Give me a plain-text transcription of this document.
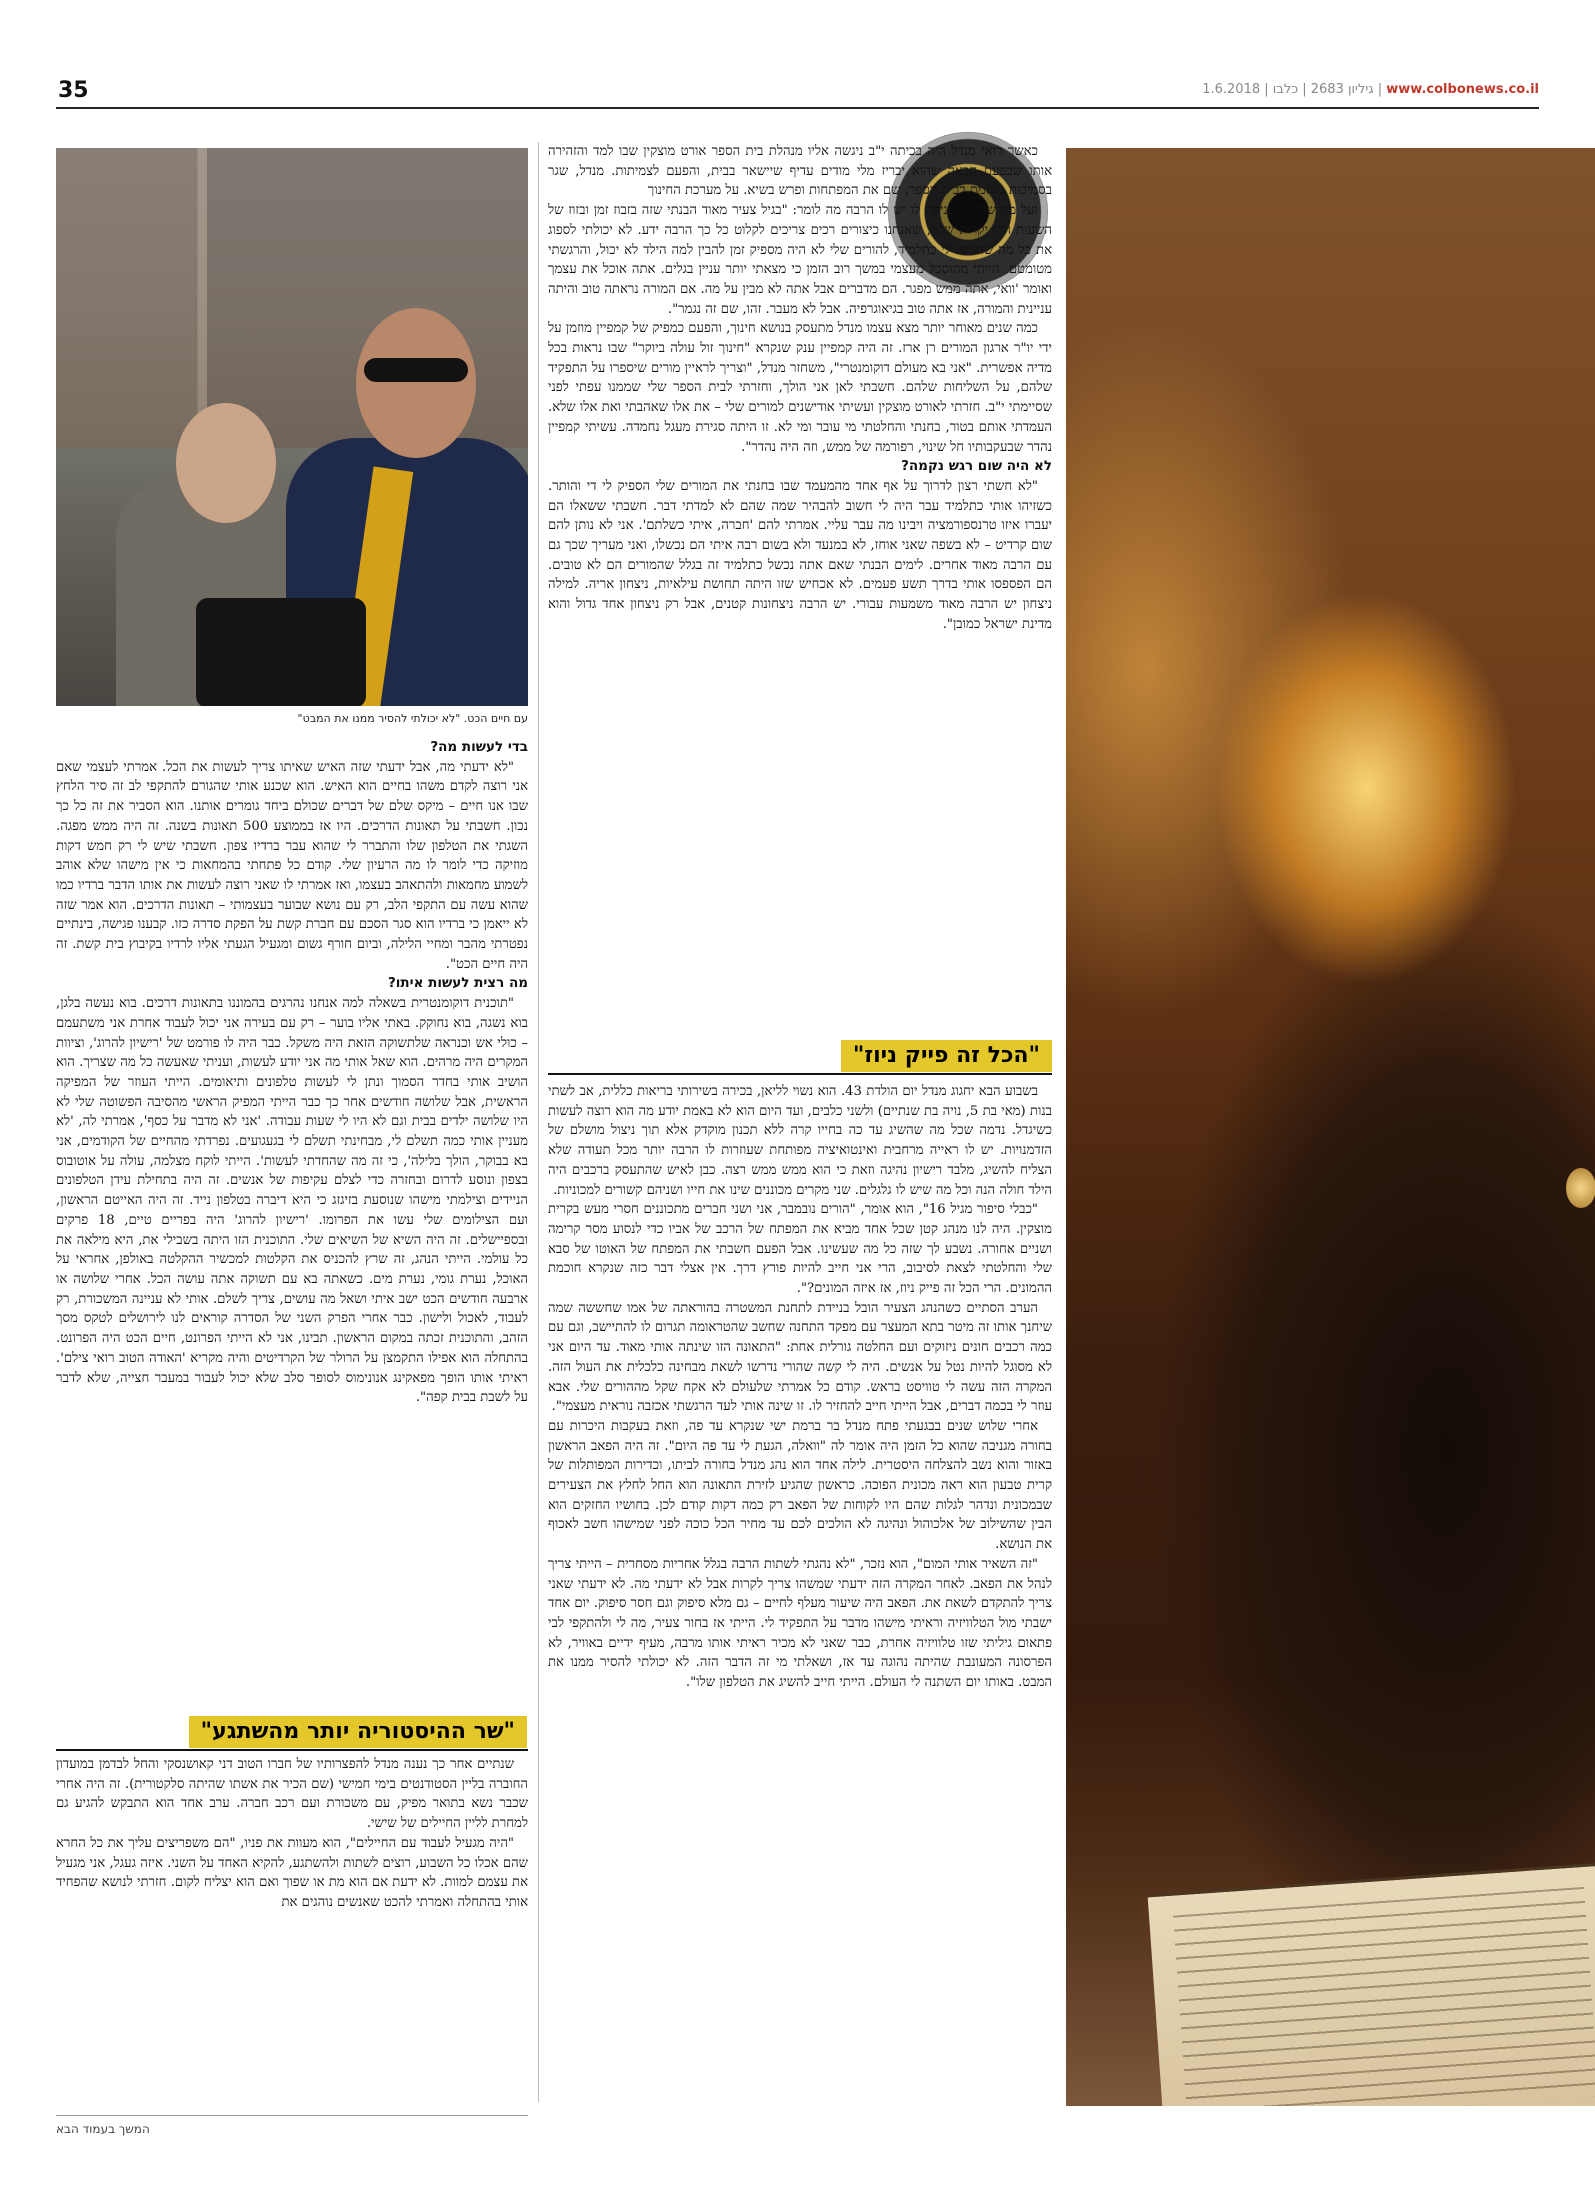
35	1.6.2018 |	גיליון 2683 | כלבו	| www.colbonews.co.il
עם חיים הכט. "לא יכולתי להסיר ממנו את המבט"

כאשר רואי מנדל היה בכיתה י"ב ניגשה אליו מנהלת בית הספר אורט מוצקין שבו למד והזהירה אותו שבפעם הבאה שהוא יבריז מלי מודים עדיף שיישאר בבית, והפעם לצמיתות. מנדל, שגר בסמיכות מוגזמת לבית הספר, שם את המפתחות ופרש בשיא. על מערכת החינוך

ועל מה שהיא העניקה לו יש לו הרבה מה לומר: "בגיל צעיר מאוד הבנתי שזה בזבוז זמן ובזוז של השעות הכי יקרות שלנו, שאנחנו כיצורים רכים צריכים לקלוט כל כך הרבה ידע. לא יכולתי לספוג את כל מה שהגישו לי כתלמיד, להורים שלי לא היה מספיק זמן להבין למה הילד לא יכול, והרגשתי מטומטם. הייתי מתוסכל מעצמי במשך רוב הזמן כי מצאתי יותר עניין בגלים. אתה אוכל את עצמך ואומר 'וואי, אתה ממש מפגר. הם מדברים אבל אתה לא מבין על מה. אם המורה נראתה טוב והיתה עניינית והמורה, אז אתה טוב בגיאוגרפיה. אבל לא מעבר. זהו, שם זה נגמר".

כמה שנים מאוחר יותר מצא עצמו מנדל מתעסק בנושא חינוך, והפעם כמפיק של קמפיין מוזמן על ידי יו"ר ארגון המורים רן ארז. זה היה קמפיין ענק שנקרא "חינוך זול עולה ביוקר" שבו נראות בכל מדיה אפשרית. "אני בא מעולם דוקומנטרי", משחזר מנדל, "וצריך לראיין מורים שיספרו על התפקיד שלהם, על השליחות שלהם. חשבתי לאן אני הולך, וחזרתי לבית הספר שלי שממנו עפתי לפני שסיימתי י"ב. חזרתי לאורט מוצקין ועשיתי אודישנים למורים שלי – את אלו שאהבתי ואת אלו שלא. העמדתי אותם בטור, בחנתי והחלטתי מי עובר ומי לא. זו היתה סגירת מעגל נחמדה. עשיתי קמפיין נהדר שבעקבותיו חל שינוי, רפורמה של ממש, וזה היה נהדר".

לא היה שום רגש נקמה?

"לא חשתי רצון לדרוך על אף אחד מהמעמד שבו בחנתי את המורים שלי הספיק לי די והותר. כשזיהו אותי כתלמיד עבר היה לי חשוב להבהיר שמה שהם לא למדתי דבר. חשבתי ששאלו הם יעברו איזו טרנספורמציה ויבינו מה עבר עליי. אמרתי להם 'חברה, איתי כשלתם'. אני לא נותן להם שום קרדיט – לא בשפה שאני אוחז, לא במנעד ולא בשום רבה איתי הם נכשלו, ואני מעריך שכך גם עם הרבה מאוד אחרים. לימים הבנתי שאם אתה נכשל כתלמיד זה בגלל שהמורים הם לא טובים. הם הפספסו אותי בדרך תשע פעמים. לא אכחיש שזו היתה תחושת עילאיות, ניצחון אריה. למילה ניצחון יש הרבה מאוד משמעות עבורי. יש הרבה ניצחונות קטנים, אבל רק ניצחון אחד גדול והוא מדינת ישראל כמובן".

"הכל זה פייק ניוז"

בשבוע הבא יחגוג מנדל יום הולדת 43. הוא נשוי לליאן, בכירה בשירותי בריאות כללית, אב לשתי בנות (מאי בת 5, נויה בת שנתיים) ולשני כלבים, ועד היום הוא לא באמת יודע מה הוא רוצה לעשות כשיגדל. נדמה שכל מה שהשיג עד כה בחייו קרה ללא תכנון מוקדק אלא תוך ניצול מושלם של הזדמנויות. יש לו ראייה מרחבית ואינטואיציה מפותחת שעוזרות לו הרבה יותר מכל תעודה שלא הצליח להשיג, מלבד רישיון נהיגה וזאת כי הוא ממש ממש רצה. כבן לאיש שהתעסק ברכבים היה הילד חולה הנה וכל מה שיש לו גלגלים. שני מקרים מכוננים שינו את חייו ושניהם קשורים למכוניות.

"כבלי סיפור מגיל 16", הוא אומר, "הורים נובמבר, אני ושני חברים מתכוננים חסרי מעש בקרית מוצקין. היה לנו מנהג קטן שכל אחד מביא את המפתח של הרכב של אביו כדי לנסוע מסר קרימה ושניים אחורה. נשבע לך שזה כל מה שעשינו. אבל הפעם חשבתי את המפתח של האוטו של סבא שלי והחלטתי לצאת לסיבוב, הרי אני חייב להיות פורץ דרך. אין אצלי דבר כזה שנקרא חוכמת ההמונים. הרי הכל זה פייק ניוז, אז איזה המונים?".

הערב הסתיים כשהנהג הצעיר הובל בניידת לתחנת המשטרה בהוראתה של אמו שחששה שמה שיחנך אותו זה מיטר בתא המעצר עם מפקד התחנה שחשב שהטראומה תגרום לו להתיישב, וגם עם כמה רכבים חונים ניזוקים ועם החלטה גורלית אחת: "התאונה הזו שינתה אותי מאוד. עד היום אני לא מסוגל להיות נטל על אנשים. היה לי קשה שהורי נדרשו לשאת מבחינה כלכלית את העול הזה. המקרה הזה עשה לי טוויסט בראש. קודם כל אמרתי שלעולם לא אקח שקל מההורים שלי. אבא עוזר לי בכמה דברים, אבל הייתי חייב להחזיר לו. זו שינה אותי לעד הרגשתי אכזבה נוראית מעצמי".

אחרי שלוש שנים בבגעתי פתח מנדל בר ברמת ישי שנקרא עד פה, וזאת בעקבות היכרות עם בחורה מגניבה שהוא כל הזמן היה אומר לה "וואלה, הגעת לי עד פה היום". זה היה הפאב הראשון באזור והוא נשב להצלחה היסטרית. לילה אחד הוא נהג מנדל בחורה לביתו, וכדירות המפותלות של קרית טבעון הוא ראה מכונית הפוכה. כראשון שהגיע לזירת התאונה הוא החל לחלץ את הצעירים שבמכונית ונדהר לגלות שהם היו לקוחות של הפאב רק כמה דקות קודם לכן. בחושיו החזקים הוא הבין שהשילוב של אלכוהול ונהיגה לא הולכים לכם עד מחיר הכל כוכה לפני שמישהו חשב לאכוף את הנושא.

"זה השאיר אותי המום", הוא נזכר, "לא נהגתי לשתות הרבה בגלל אחריות מסחרית – הייתי צריך לנהל את הפאב. לאחר המקרה הזה ידעתי שמשהו צריך לקרות אבל לא ידעתי מה. לא ידעתי שאני צריך להתקדם לשאת את. הפאב היה שיעור מעלף לחיים – גם מלא סיפוק וגם חסר סיפוק. יום אחד ישבתי מול הטלוויזיה וראיתי מישהו מדבר על התפקיד לי. הייתי אז בחור צעיר, מה לי ולהתקפי לבי פתאום גיליתי שזו טלוויזיה אחרת, כבר שאני לא מכיר ראיתי אותו מרבה, מעיף ידיים באוויר, לא הפרסונה המעונבת שהיתה נהוגה עד אז, ושאלתי מי זה הדבר הזה. לא יכולתי להסיר ממנו את המבט. באותו יום השתנה לי העולם. הייתי חייב להשיג את הטלפון שלו".

בדי לעשות מה?

"לא ידעתי מה, אבל ידעתי שזה האיש שאיתו צריך לעשות את הכל. אמרתי לעצמי שאם אני רוצה לקדם משהו בחיים הוא האיש. הוא שכנע אותי שהגורם להתקפי לב זה סיר הלחץ שבו אנו חיים – מיקס שלם של דברים שכולם ביחד גומרים אותנו. הוא הסביר את זה כל כך נכון. חשבתי על תאונות הדרכים. היו אז בממוצע 500 תאונות בשנה. זה היה ממש מפגה. השגתי את הטלפון שלו והתברר לי שהוא עבר ברדיו צפון. חשבתי שיש לי רק חמש דקות מוזיקה כדי לומר לו מה הרעיון שלי. קודם כל פתחתי בהמחאות כי אין מישהו שלא אוהב לשמוע מחמאות ולהתאהב בעצמו, ואז אמרתי לו שאני רוצה לעשות את אותו הדבר ברדיו כמו שהוא עשה עם התקפי הלב, רק עם נושא שבוער בעצמותי – תאונות הדרכים. הוא אמר שזה לא ייאמן כי ברדיו הוא סגר הסכם עם חברת קשת על הפקת סדרה כזו. קבענו פגישה, בינתיים נפטרתי מהבר ומחיי הלילה, וביום חורף גשום ומגעיל הגעתי אליו לרדיו בקיבוץ בית קשת. זה היה חיים הכט".

מה רצית לעשות איתו?

"תוכנית דוקומנטרית בשאלה למה אנחנו נהרגים בהמוננו בתאונות דרכים. בוא נעשה בלגן, בוא נשגה, בוא נחוקק. באתי אליו בוער – רק עם בעירה אני יכול לעבוד אחרת אני משתעמם – כולי אש וכנראה שלתשוקה הזאת היה משקל. כבר היה לו פורמט של 'רישיון להרוג', וציוות המקרים היה מרהים. הוא שאל אותי מה אני יודע לעשות, ועניתי שאעשה כל מה שצריך. הוא הושיב אותי בחדר הסמוך ונתן לי לעשות טלפונים ותיאומים. הייתי העוזר של המפיקה הראשית, אבל שלושה חודשים אחר כך כבר הייתי המפיק הראשי מהסיבה הפשוטה שלי לא היו שלושה ילדים בבית וגם לא היו לי שעות עבודה. 'אני לא מדבר על כסף', אמרתי לה, 'לא מעניין אותי כמה תשלם לי, מבחינתי תשלם לי בגעגועים. נפרדתי מהחיים של הקודמים, אני בא בבוקר, הולך בלילה', כי זה מה שהחדתי לעשות'. הייתי לוקח מצלמה, עולה על אוטובוס בצפון ונוסע לדרום ובחזרה כדי לצלם עקיפות של אנשים. זה היה בתחילת עידן הטלפונים הניידים וצילמתי מישהו שנוסעת בזיגזג כי היא דיברה בטלפון נייד. זה היה האייטם הראשון, ועם הצילומים שלי עשו את הפרומו. 'רישיון להרוג' היה בפריים טיים, 18 פרקים ובספיישלים. זה היה השיא של השיאים שלי. התוכנית הזו היתה בשבילי את, היא מילאה את כל עולמי. הייתי הנהג, זה שרץ להכניס את הקלטות למכשיר ההקלטה באולפן, אחראי על האוכל, נערת גומי, נערת מים. כשאתה בא עם תשוקה אתה עושה הכל. אחרי שלושה או ארבעה חודשים הכט ישב איתי ושאל מה עושים, צריך לשלם. אותי לא עניינה המשכורת, רק לעבוד, לאכול ולישון. כבר אחרי הפרק השני של הסדרה קוראים לנו לירושלים לטקס מסך הזהב, והתוכנית זכתה במקום הראשון. תבינו, אני לא הייתי הפרונט, חיים הכט היה הפרונט. בהתחלה הוא אפילו התקמצן על הרולר של הקרדיטים והיה מקריא 'האודה הטוב רואי צילם'. ראיתי אותו הופך מפאקינג אנונימוס לסופר סלב שלא יכול לעבור במעבר חצייה, שלא לדבר על לשבת בבית קפה".

"שר ההיסטוריה יותר מהשתגע"

שנתיים אחר כך נענה מנדל להפצרותיו של חברו הטוב דני קאושנסקי והחל לבדמן במועדון החוברה בליין הסטודנטים בימי חמישי (שם הכיר את אשתו שהיתה סלקטורית). זה היה אחרי שכבר נשא בתואר מפיק, עם משכורת ועם רכב חברה. ערב אחד הוא התבקש להגיע גם למחרת לליין החיילים של שישי.

"היה מגעיל לעבוד עם החיילים", הוא מעוות את פניו, "הם משפריצים עליך את כל החרא שהם אכלו כל השבוע, רוצים לשתות ולהשתגע, להקיא האחד על השני. איזה געגל, אני מגעיל את עצמם למוות. לא ידעת אם הוא מת או שפוך ואם הוא יצליח לקום. חזרתי לנושא שהפחיד אותי בהתחלה ואמרתי להכט שאנשים נוהגים את

המשך בעמוד הבא
